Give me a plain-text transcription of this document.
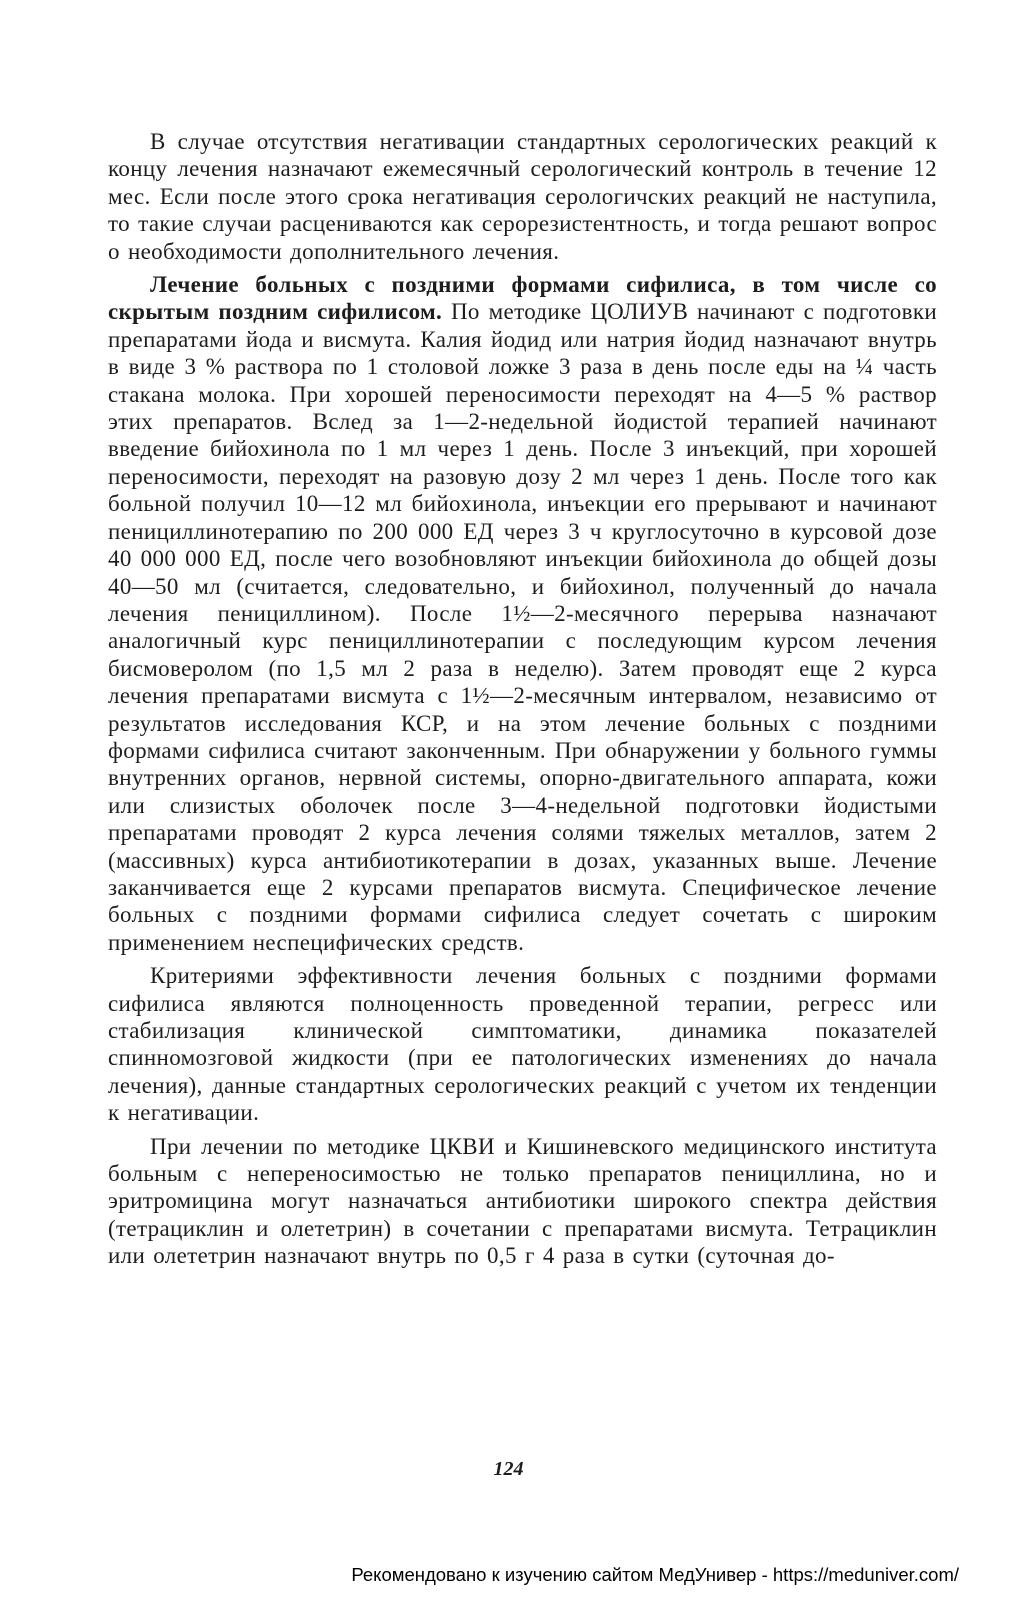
В случае отсутствия негативации стандартных серологических реакций к концу лечения назначают ежемесячный серологический контроль в течение 12 мес. Если после этого срока негативация серологичских реакций не наступила, то такие случаи расцениваются как серорезистентность, и тогда решают вопрос о необходимости дополнительного лечения.

Лечение больных с поздними формами сифилиса, в том числе со скрытым поздним сифилисом. По методике ЦОЛИУВ начинают с подготовки препаратами йода и висмута. Калия йодид или натрия йодид назначают внутрь в виде 3 % раствора по 1 столовой ложке 3 раза в день после еды на ¼ часть стакана молока. При хорошей переносимости переходят на 4—5 % раствор этих препаратов. Вслед за 1—2-недельной йодистой терапией начинают введение бийохинола по 1 мл через 1 день. После 3 инъекций, при хорошей переносимости, переходят на разовую дозу 2 мл через 1 день. После того как больной получил 10—12 мл бийохинола, инъекции его прерывают и начинают пенициллинотерапию по 200 000 ЕД через 3 ч круглосуточно в курсовой дозе 40 000 000 ЕД, после чего возобновляют инъекции бийохинола до общей дозы 40—50 мл (считается, следовательно, и бийохинол, полученный до начала лечения пенициллином). После 1½—2-месячного перерыва назначают аналогичный курс пенициллинотерапии с последующим курсом лечения бисмоверолом (по 1,5 мл 2 раза в неделю). Затем проводят еще 2 курса лечения препаратами висмута с 1½—2-месячным интервалом, независимо от результатов исследования КСР, и на этом лечение больных с поздними формами сифилиса считают законченным. При обнаружении у больного гуммы внутренних органов, нервной системы, опорно-двигательного аппарата, кожи или слизистых оболочек после 3—4-недельной подготовки йодистыми препаратами проводят 2 курса лечения солями тяжелых металлов, затем 2 (массивных) курса антибиотикотерапии в дозах, указанных выше. Лечение заканчивается еще 2 курсами препаратов висмута. Специфическое лечение больных с поздними формами сифилиса следует сочетать с широким применением неспецифических средств.

Критериями эффективности лечения больных с поздними формами сифилиса являются полноценность проведенной терапии, регресс или стабилизация клинической симптоматики, динамика показателей спинномозговой жидкости (при ее патологических изменениях до начала лечения), данные стандартных серологических реакций с учетом их тенденции к негативации.

При лечении по методике ЦКВИ и Кишиневского медицинского института больным с непереносимостью не только препаратов пенициллина, но и эритромицина могут назначаться антибиотики широкого спектра действия (тетрациклин и олететрин) в сочетании с препаратами висмута. Тетрациклин или олететрин назначают внутрь по 0,5 г 4 раза в сутки (суточная до-

124
Рекомендовано к изучению сайтом МедУнивер - https://meduniver.com/
